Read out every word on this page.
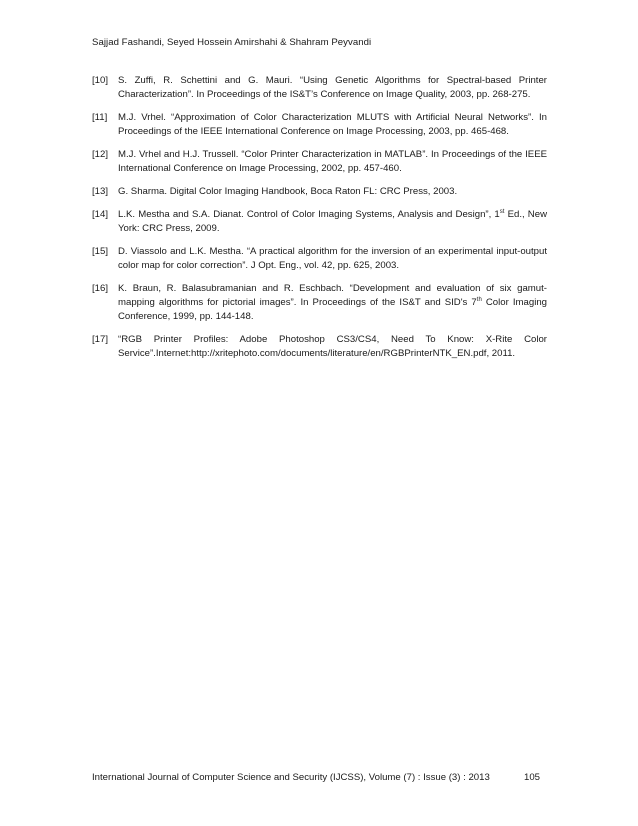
Sajjad Fashandi, Seyed Hossein Amirshahi & Shahram Peyvandi
[10] S. Zuffi, R. Schettini and G. Mauri. “Using Genetic Algorithms for Spectral-based Printer Characterization”. In Proceedings of the IS&T’s Conference on Image Quality, 2003, pp. 268-275.
[11] M.J. Vrhel. “Approximation of Color Characterization MLUTS with Artificial Neural Networks”. In Proceedings of the IEEE International Conference on Image Processing, 2003, pp. 465-468.
[12] M.J. Vrhel and H.J. Trussell. “Color Printer Characterization in MATLAB”. In Proceedings of the IEEE International Conference on Image Processing, 2002, pp. 457-460.
[13] G. Sharma. Digital Color Imaging Handbook, Boca Raton FL: CRC Press, 2003.
[14] L.K. Mestha and S.A. Dianat. Control of Color Imaging Systems, Analysis and Design”, 1st Ed., New York: CRC Press, 2009.
[15] D. Viassolo and L.K. Mestha. “A practical algorithm for the inversion of an experimental input-output color map for color correction”. J Opt. Eng., vol. 42, pp. 625, 2003.
[16] K. Braun, R. Balasubramanian and R. Eschbach. “Development and evaluation of six gamut-mapping algorithms for pictorial images”. In Proceedings of the IS&T and SID's 7th Color Imaging Conference, 1999, pp. 144-148.
[17] “RGB Printer Profiles: Adobe Photoshop CS3/CS4, Need To Know: X-Rite Color Service”.Internet:http://xritephoto.com/documents/literature/en/RGBPrinterNTK_EN.pdf, 2011.
International Journal of Computer Science and Security (IJCSS), Volume (7) : Issue (3) : 2013	105
